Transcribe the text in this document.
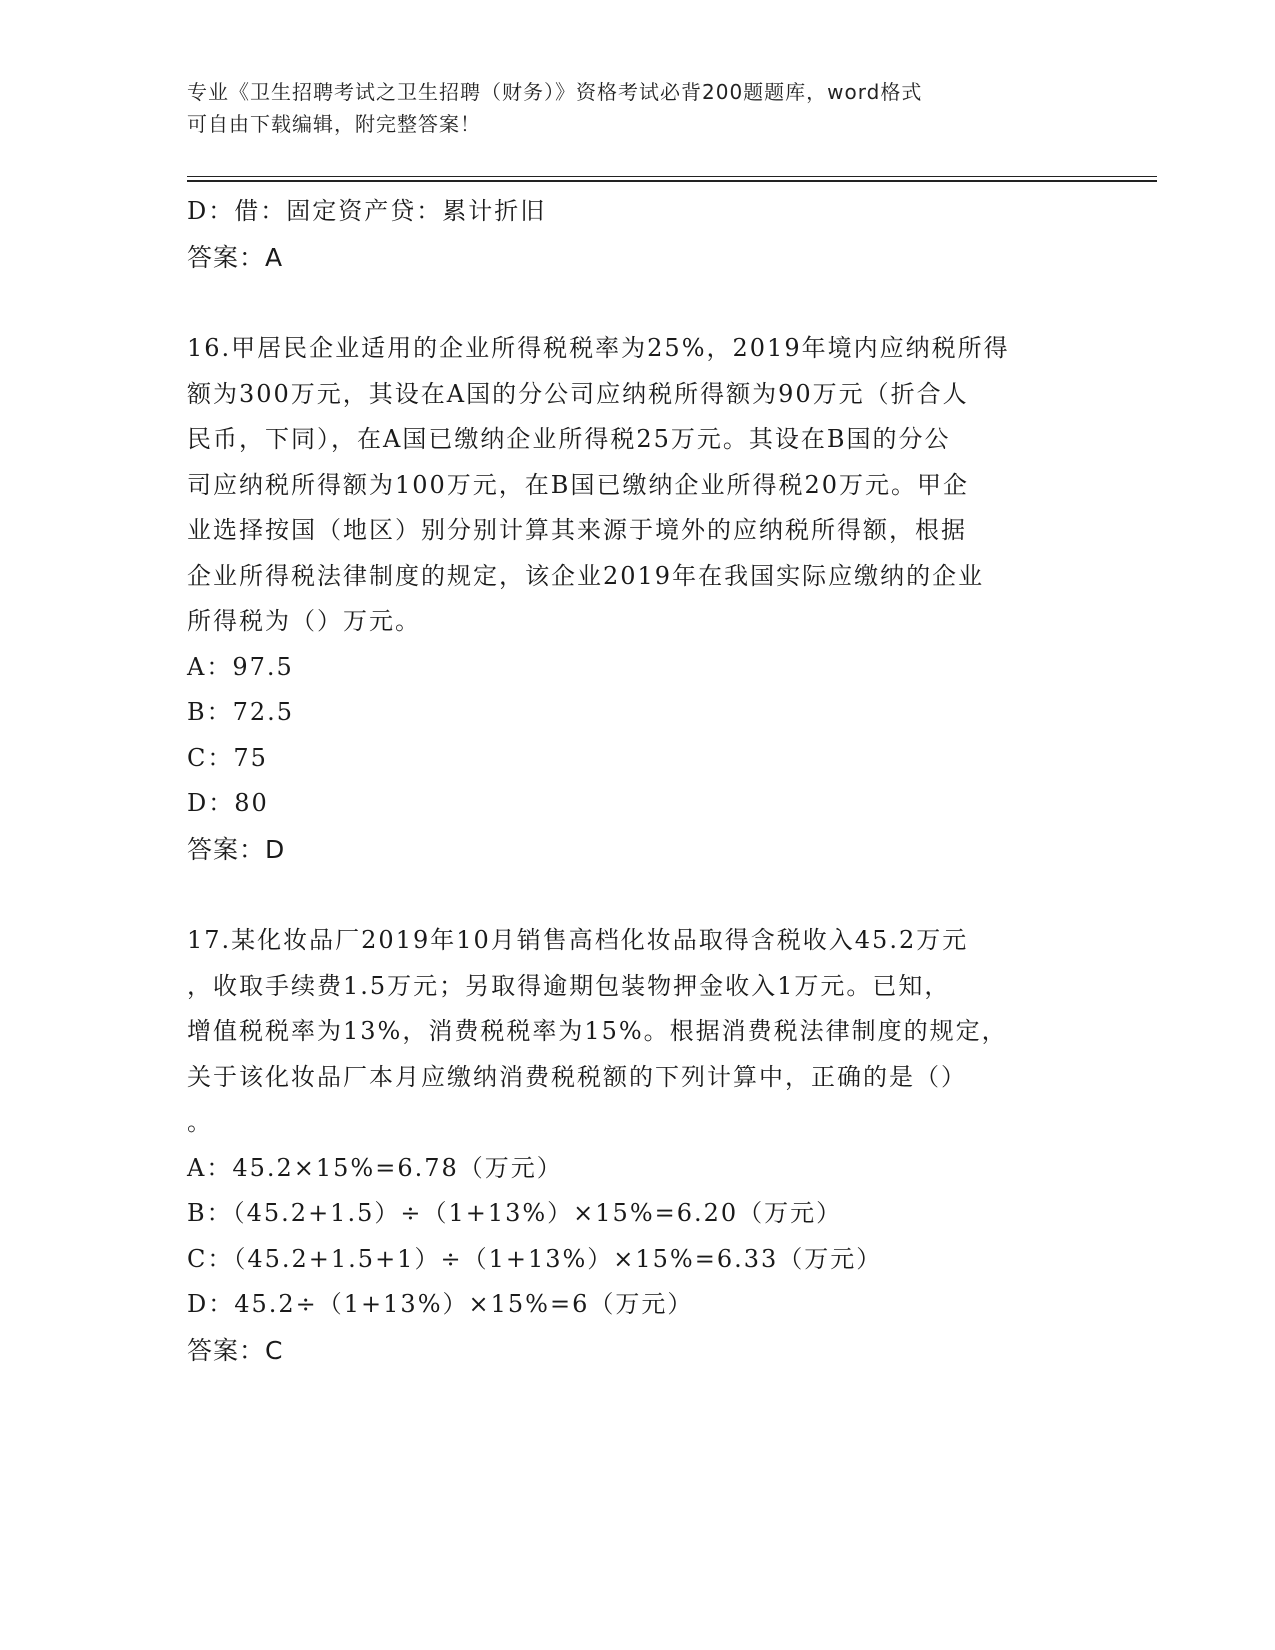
专业《卫生招聘考试之卫生招聘（财务）》资格考试必背200题题库，word格式
可自由下载编辑，附完整答案！
D：借：固定资产贷：累计折旧
答案：A
16.甲居民企业适用的企业所得税税率为25%，2019年境内应纳税所得
额为300万元，其设在A国的分公司应纳税所得额为90万元（折合人
民币，下同），在A国已缴纳企业所得税25万元。其设在B国的分公
司应纳税所得额为100万元，在B国已缴纳企业所得税20万元。甲企
业选择按国（地区）别分别计算其来源于境外的应纳税所得额，根据
企业所得税法律制度的规定，该企业2019年在我国实际应缴纳的企业
所得税为（）万元。
A：97.5
B：72.5
C：75
D：80
答案：D
17.某化妆品厂2019年10月销售高档化妆品取得含税收入45.2万元
，收取手续费1.5万元；另取得逾期包装物押金收入1万元。已知，
增值税税率为13%，消费税税率为15%。根据消费税法律制度的规定，
关于该化妆品厂本月应缴纳消费税税额的下列计算中，正确的是（）
。
A：45.2×15%=6.78（万元）
B：（45.2+1.5）÷（1+13%）×15%=6.20（万元）
C：（45.2+1.5+1）÷（1+13%）×15%=6.33（万元）
D：45.2÷（1+13%）×15%=6（万元）
答案：C
